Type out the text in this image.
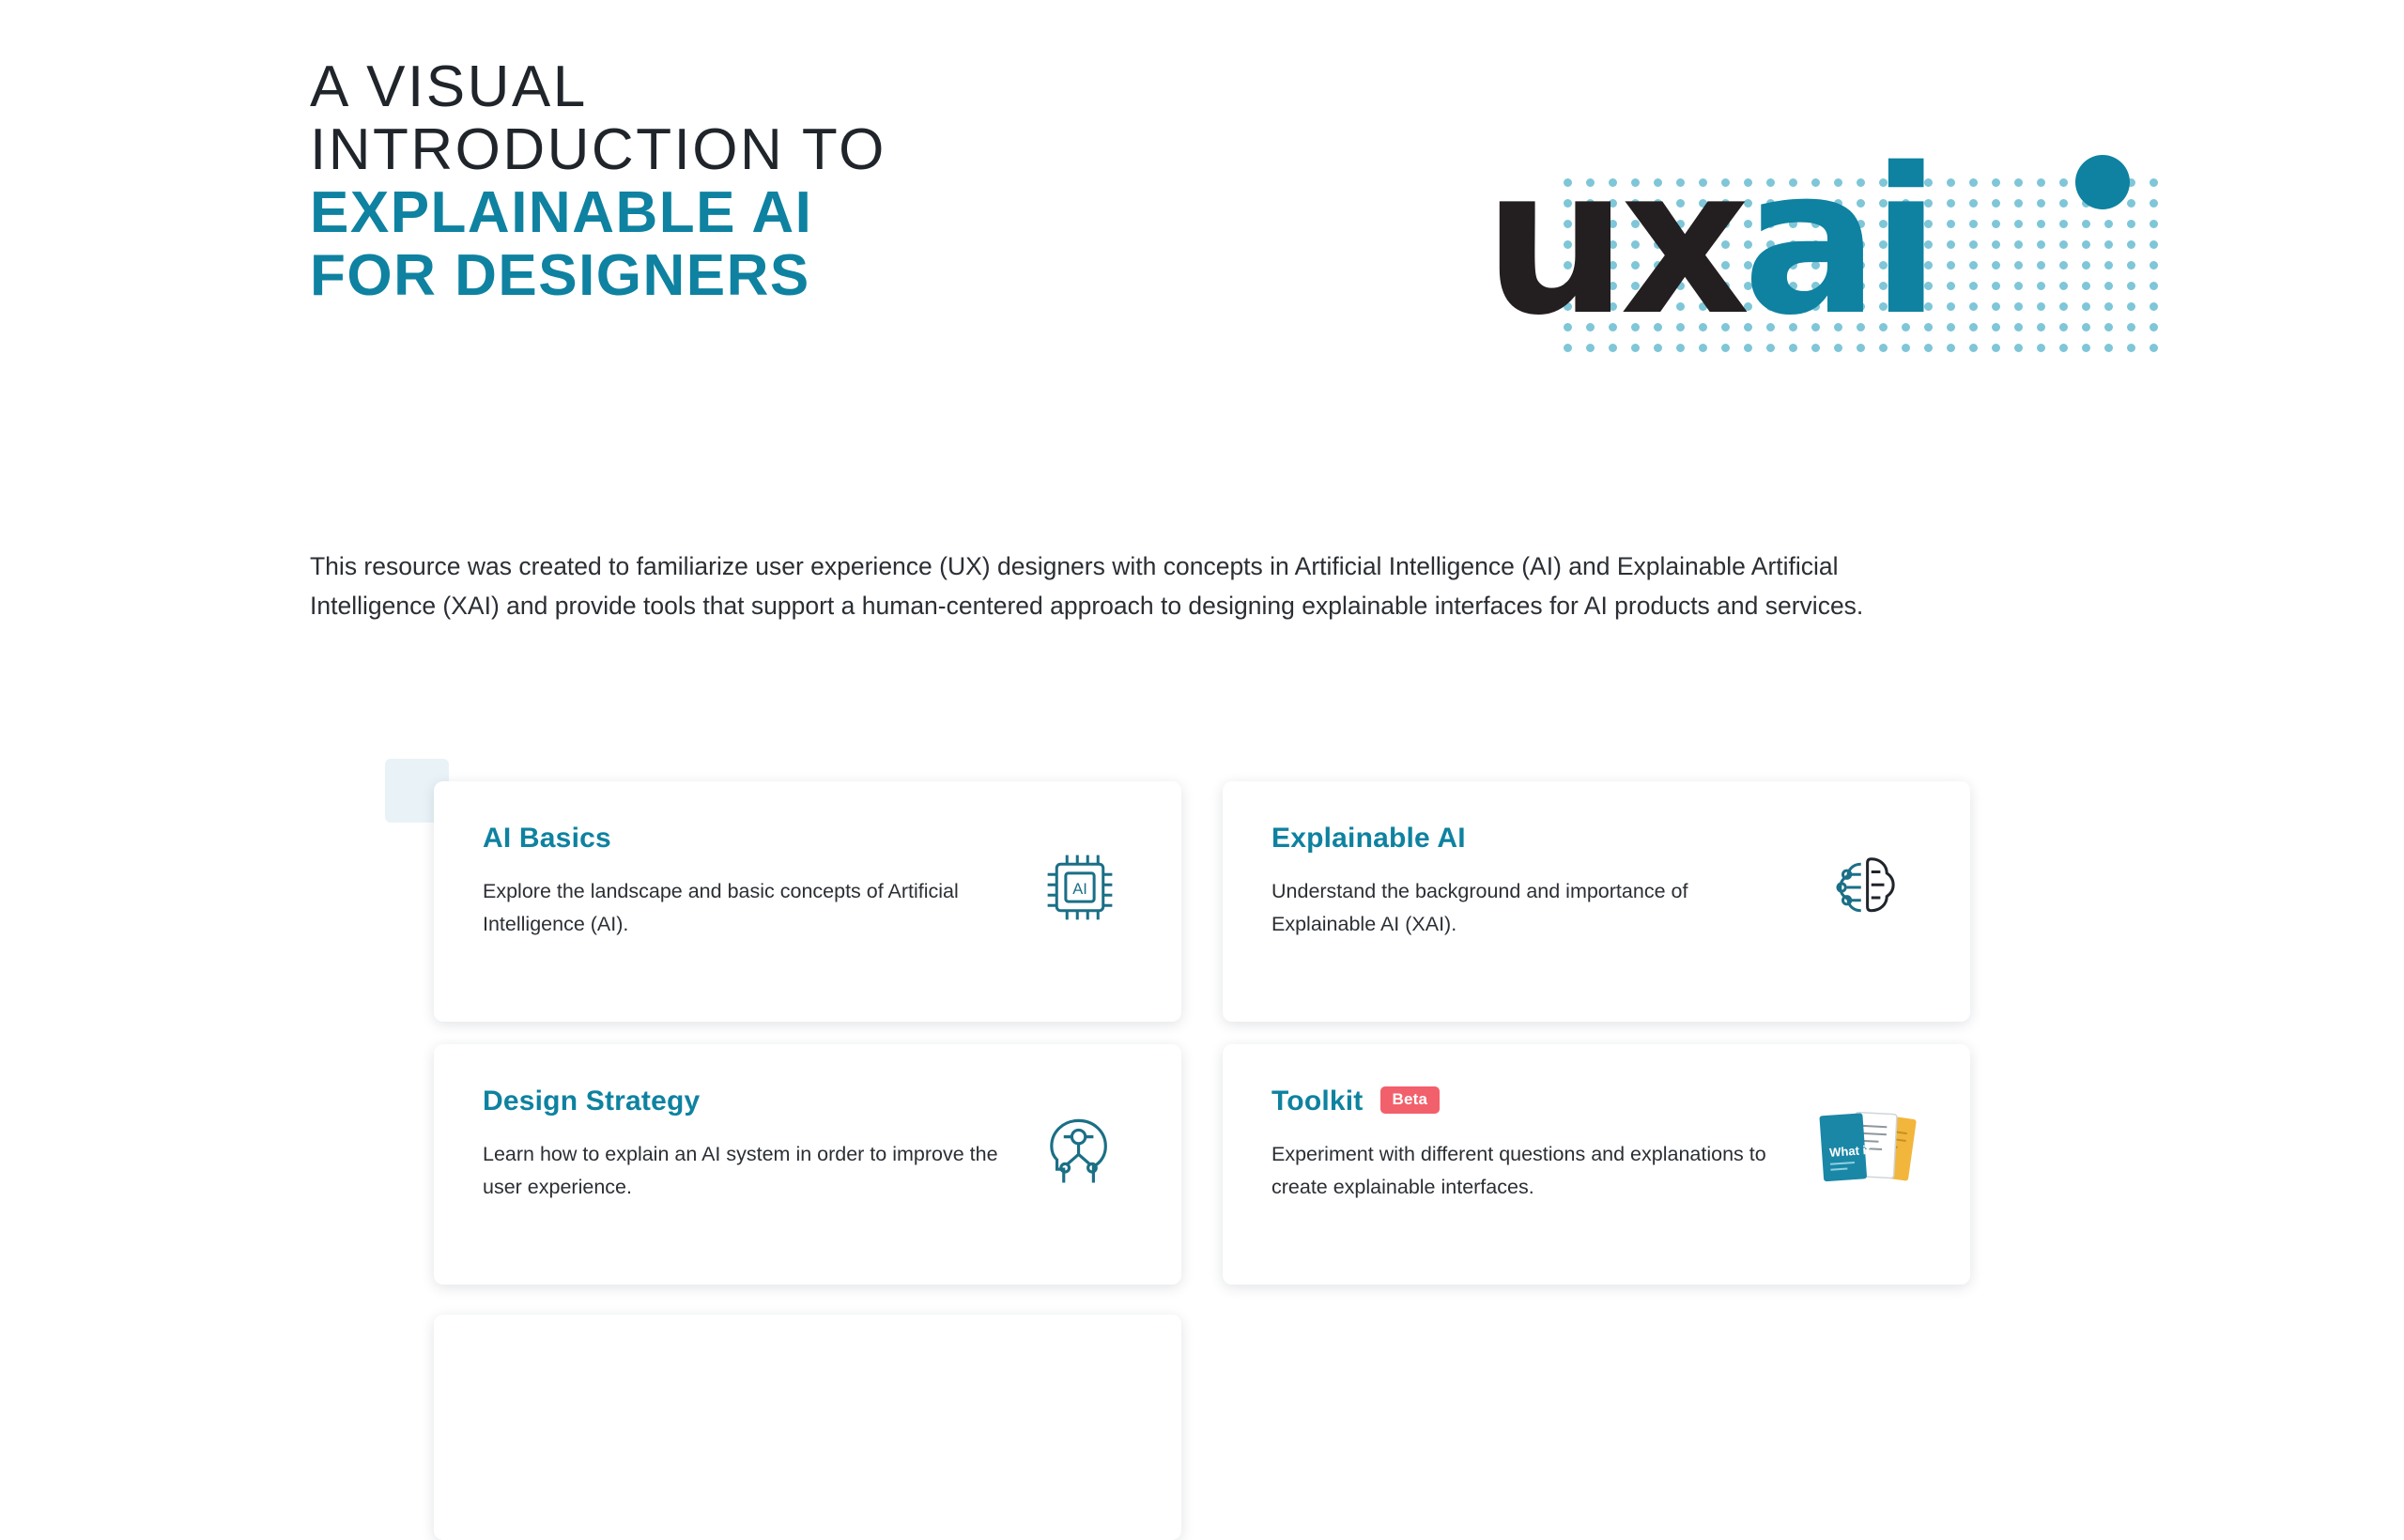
A VISUAL
INTRODUCTION TO
EXPLAINABLE AI
FOR DESIGNERS	uxai

This resource was created to familiarize user experience (UX) designers with concepts in Artificial Intelligence (AI) and Explainable Artificial Intelligence (XAI) and provide tools that support a human-centered approach to designing explainable interfaces for AI products and services.

AI Basics
Explore the landscape and basic concepts of Artificial Intelligence (AI).
AI
Explainable AI
Understand the background and importance of Explainable AI (XAI).
Design Strategy
Learn how to explain an AI system in order to improve the user experience.
Toolkit	Beta
Experiment with different questions and explanations to create explainable interfaces.
What if
